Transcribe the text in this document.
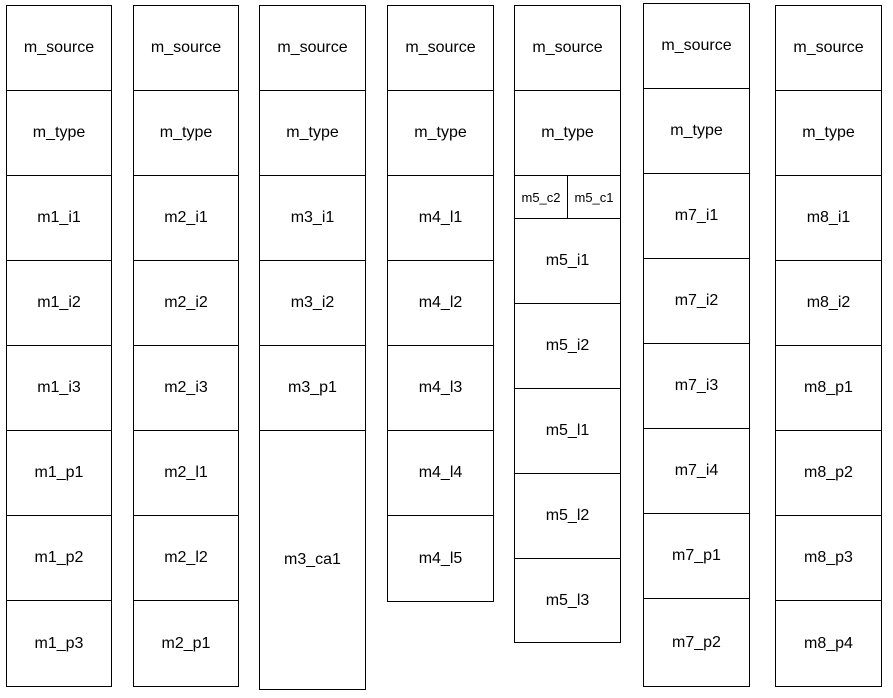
m_source
m_type
m1_i1
m1_i2
m1_i3
m1_p1
m1_p2
m1_p3
m_source
m_type
m2_i1
m2_i2
m2_i3
m2_l1
m2_l2
m2_p1
m_source
m_type
m3_i1
m3_i2
m3_p1
m3_ca1
m_source
m_type
m4_l1
m4_l2
m4_l3
m4_l4
m4_l5
m_source
m_type
m5_c2	m5_c1
m5_i1
m5_i2
m5_l1
m5_l2
m5_l3
m_source
m_type
m7_i1
m7_i2
m7_i3
m7_i4
m7_p1
m7_p2
m_source
m_type
m8_i1
m8_i2
m8_p1
m8_p2
m8_p3
m8_p4
